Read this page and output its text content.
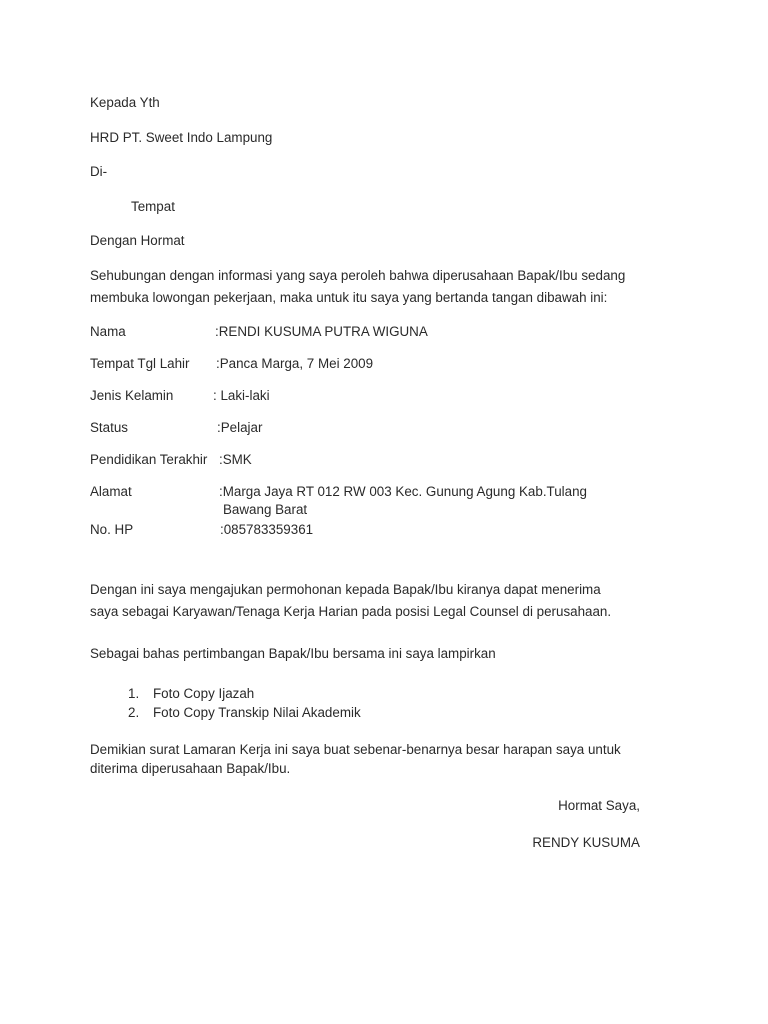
Kepada Yth
HRD PT. Sweet Indo Lampung
Di-
Tempat
Dengan Hormat
Sehubungan dengan informasi yang saya peroleh bahwa diperusahaan Bapak/Ibu sedang
membuka lowongan pekerjaan, maka untuk itu saya yang bertanda tangan dibawah ini:
Nama	:RENDI KUSUMA PUTRA WIGUNA
Tempat Tgl Lahir :Panca Marga, 7 Mei 2009
Jenis Kelamin	: Laki-laki
Status	:Pelajar
Pendidikan Terakhir :SMK
Alamat	:Marga Jaya RT 012 RW 003 Kec. Gunung Agung Kab.Tulang
Bawang Barat
No. HP	:085783359361
Dengan ini saya mengajukan permohonan kepada Bapak/Ibu kiranya dapat menerima
saya sebagai Karyawan/Tenaga Kerja Harian pada posisi Legal Counsel di perusahaan.
Sebagai bahas pertimbangan Bapak/Ibu bersama ini saya lampirkan
1. Foto Copy Ijazah
2. Foto Copy Transkip Nilai Akademik
Demikian surat Lamaran Kerja ini saya buat sebenar-benarnya besar harapan saya untuk
diterima diperusahaan Bapak/Ibu.
Hormat Saya,
RENDY KUSUMA
